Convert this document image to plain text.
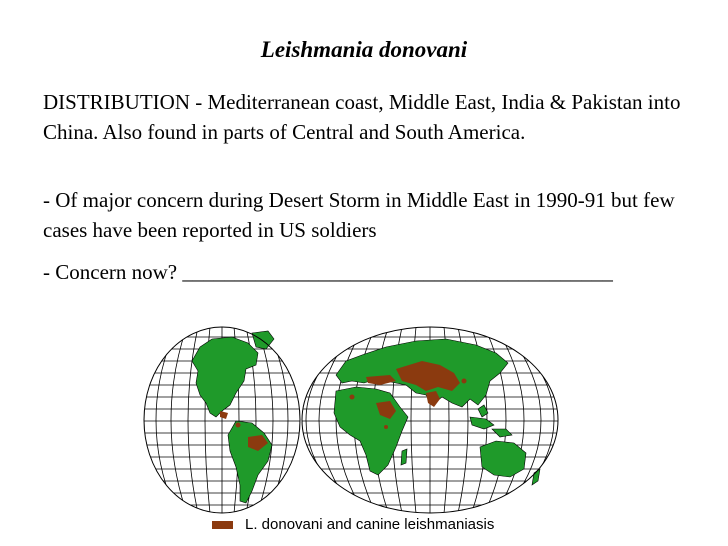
Leishmania donovani

DISTRIBUTION - Mediterranean coast, Middle East, India & Pakistan into China. Also found in parts of Central and South America.

- Of major concern during Desert Storm in Middle East in 1990-91 but few cases have been reported in US soldiers

- Concern now? _________________________________________

L. donovani and canine leishmaniasis
